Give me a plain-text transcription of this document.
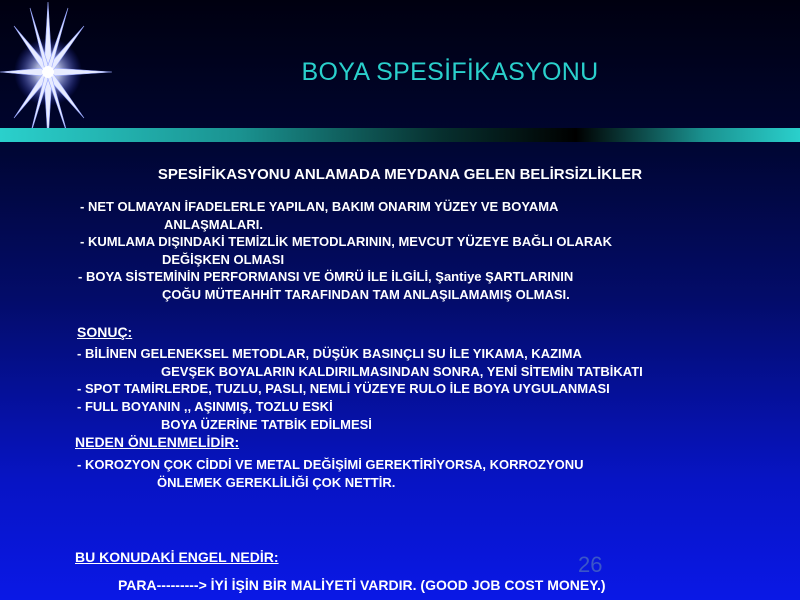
BOYA SPESİFİKASYONU
SPESİFİKASYONU ANLAMADA MEYDANA GELEN BELİRSİZLİKLER
- NET OLMAYAN İFADELERLE YAPILAN, BAKIM ONARIM YÜZEY VE BOYAMA
ANLAŞMALARI.
- KUMLAMA DIŞINDAKİ TEMİZLİK METODLARININ, MEVCUT YÜZEYE BAĞLI OLARAK
DEĞİŞKEN OLMASI
- BOYA SİSTEMİNİN PERFORMANSI VE ÖMRÜ İLE İLGİLİ, Şantiye ŞARTLARININ
ÇOĞU MÜTEAHHİT TARAFINDAN TAM ANLAŞILAMAMIŞ OLMASI.
SONUÇ:
- BİLİNEN GELENEKSEL METODLAR, DÜŞÜK BASINÇLI SU İLE YIKAMA, KAZIMA
GEVŞEK BOYALARIN KALDIRILMASINDAN SONRA, YENİ SİTEMİN TATBİKATI
- SPOT TAMİRLERDE, TUZLU, PASLI, NEMLİ YÜZEYE RULO İLE BOYA UYGULANMASI
- FULL BOYANIN ,, AŞINMIŞ, TOZLU ESKİ
BOYA ÜZERİNE TATBİK EDİLMESİ
NEDEN ÖNLENMELİDİR:
- KOROZYON ÇOK CİDDİ VE METAL DEĞİŞİMİ GEREKTİRİYORSA, KORROZYONU
ÖNLEMEK GEREKLİLİĞİ ÇOK NETTİR.
26
BU KONUDAKİ ENGEL NEDİR:
PARA---------> İYİ İŞİN BİR MALİYETİ VARDIR. (GOOD JOB COST MONEY.)
